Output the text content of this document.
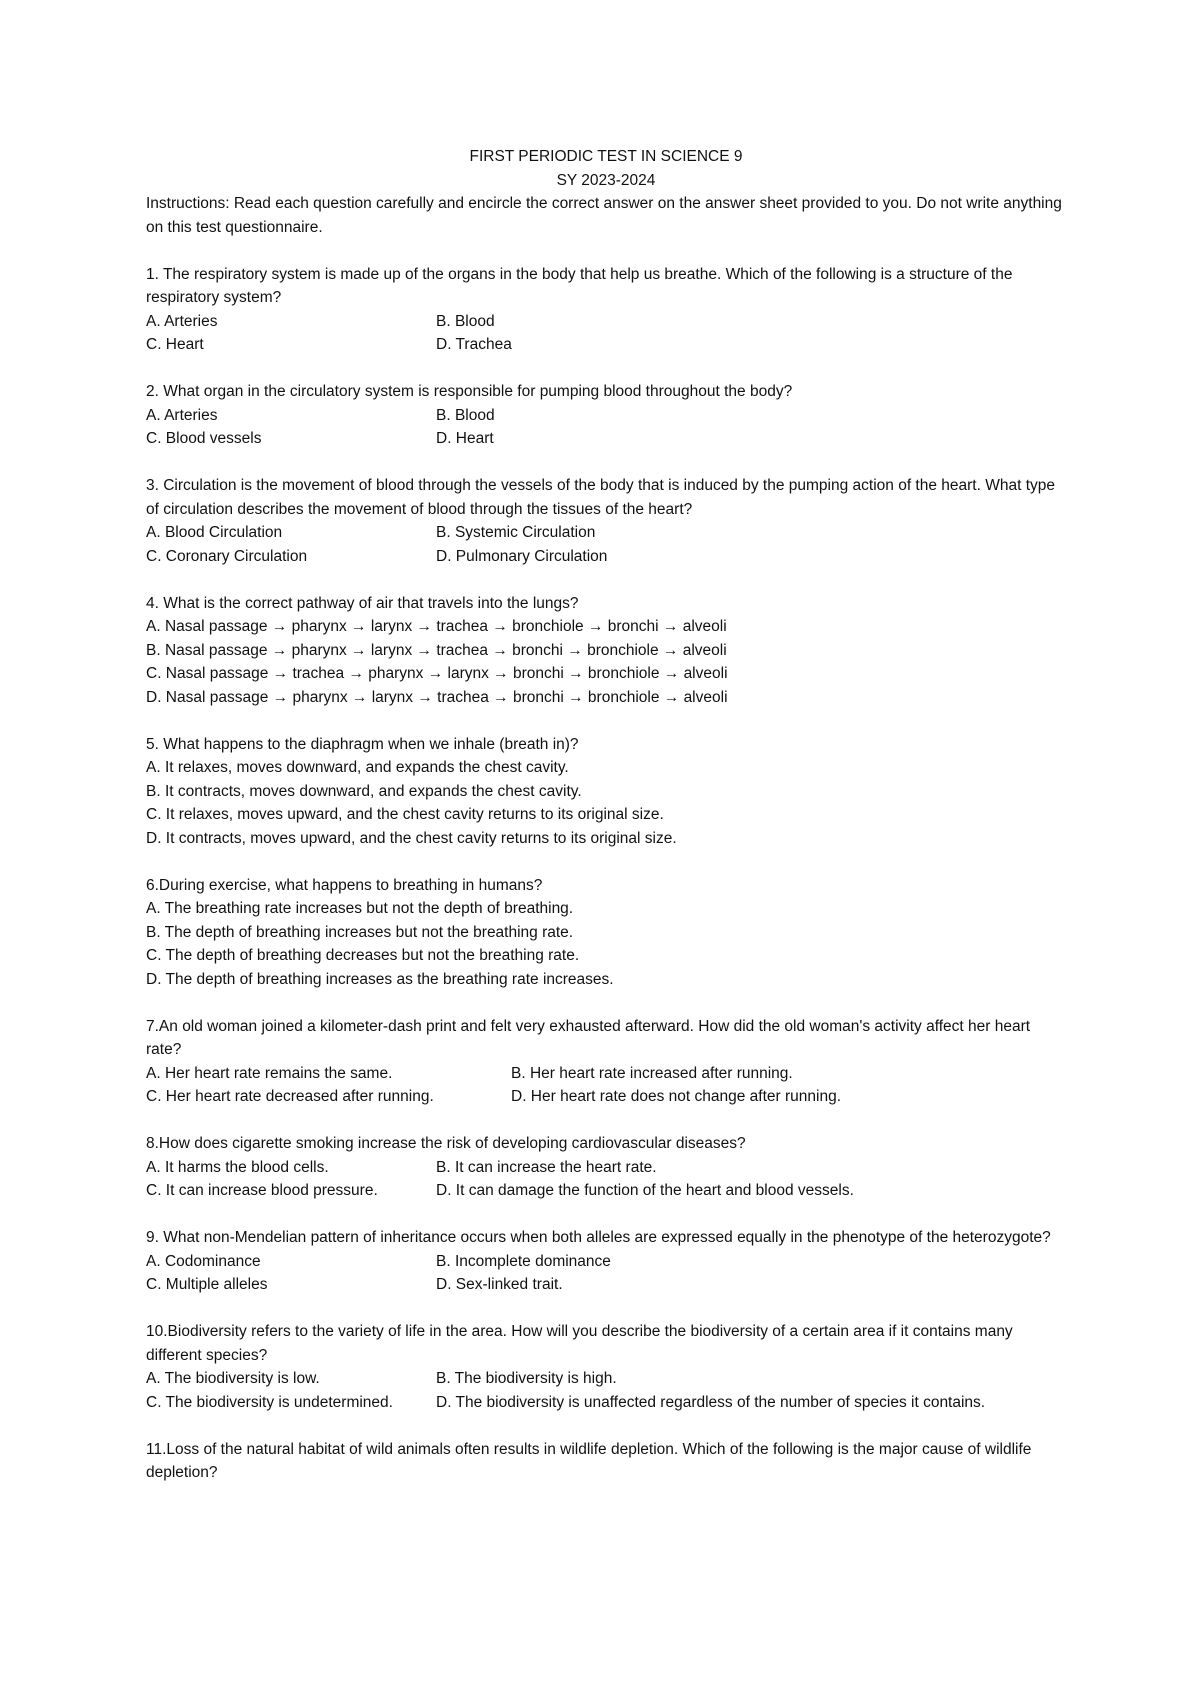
FIRST PERIODIC TEST IN SCIENCE 9
SY 2023-2024
Instructions: Read each question carefully and encircle the correct answer on the answer sheet provided to you. Do not write anything on this test questionnaire.
1. The respiratory system is made up of the organs in the body that help us breathe. Which of the following is a structure of the respiratory system?
A. Arteries	B. Blood
C. Heart	D. Trachea
2. What organ in the circulatory system is responsible for pumping blood throughout the body?
A. Arteries	B. Blood
C. Blood vessels	D. Heart
3. Circulation is the movement of blood through the vessels of the body that is induced by the pumping action of the heart. What type of circulation describes the movement of blood through the tissues of the heart?
A. Blood Circulation	B. Systemic Circulation
C. Coronary Circulation	D. Pulmonary Circulation
4. What is the correct pathway of air that travels into the lungs?
A. Nasal passage → pharynx → larynx → trachea → bronchiole → bronchi → alveoli
B. Nasal passage → pharynx → larynx → trachea → bronchi → bronchiole → alveoli
C. Nasal passage → trachea → pharynx → larynx → bronchi → bronchiole → alveoli
D. Nasal passage → pharynx → larynx → trachea → bronchi → bronchiole → alveoli
5. What happens to the diaphragm when we inhale (breath in)?
A. It relaxes, moves downward, and expands the chest cavity.
B. It contracts, moves downward, and expands the chest cavity.
C. It relaxes, moves upward, and the chest cavity returns to its original size.
D. It contracts, moves upward, and the chest cavity returns to its original size.
6.During exercise, what happens to breathing in humans?
A. The breathing rate increases but not the depth of breathing.
B. The depth of breathing increases but not the breathing rate.
C. The depth of breathing decreases but not the breathing rate.
D. The depth of breathing increases as the breathing rate increases.
7.An old woman joined a kilometer-dash print and felt very exhausted afterward. How did the old woman's activity affect her heart rate?
A. Her heart rate remains the same.	B. Her heart rate increased after running.
C. Her heart rate decreased after running.	D. Her heart rate does not change after running.
8.How does cigarette smoking increase the risk of developing cardiovascular diseases?
A. It harms the blood cells.	B. It can increase the heart rate.
C. It can increase blood pressure.	D. It can damage the function of the heart and blood vessels.
9. What non-Mendelian pattern of inheritance occurs when both alleles are expressed equally in the phenotype of the heterozygote?
A. Codominance	B. Incomplete dominance
C. Multiple alleles	D. Sex-linked trait.
10.Biodiversity refers to the variety of life in the area. How will you describe the biodiversity of a certain area if it contains many different species?
A. The biodiversity is low.	B. The biodiversity is high.
C. The biodiversity is undetermined.	D. The biodiversity is unaffected regardless of the number of species it contains.
11.Loss of the natural habitat of wild animals often results in wildlife depletion. Which of the following is the major cause of wildlife depletion?
